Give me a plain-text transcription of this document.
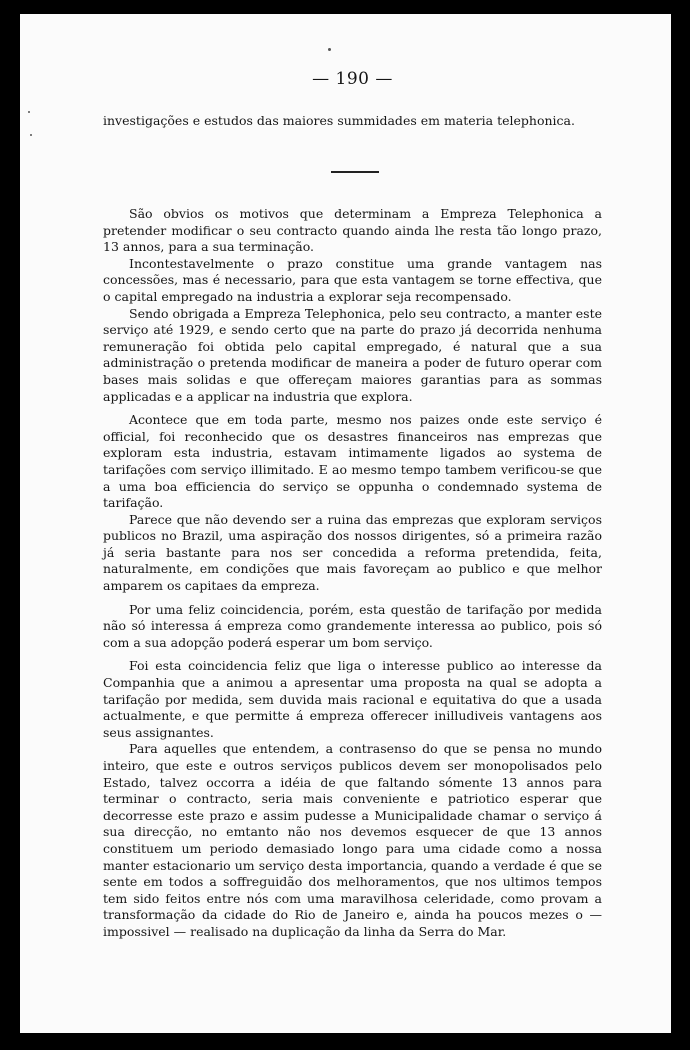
— 190 —

investigações e estudos das maiores summidades em materia telephonica.

São obvios os motivos que determinam a Empreza Telephonica a pretender modificar o seu contracto quando ainda lhe resta tão longo prazo, 13 annos, para a sua terminação.

Incontestavelmente o prazo constitue uma grande vantagem nas concessões, mas é necessario, para que esta vantagem se torne effectiva, que o capital empregado na industria a explorar seja recompensado.

Sendo obrigada a Empreza Telephonica, pelo seu contracto, a manter este serviço até 1929, e sendo certo que na parte do prazo já decorrida nenhuma remuneração foi obtida pelo capital empregado, é natural que a sua administração o pretenda modificar de maneira a poder de futuro operar com bases mais solidas e que offereçam maiores garantias para as sommas applicadas e a applicar na industria que explora.

Acontece que em toda parte, mesmo nos paizes onde este serviço é official, foi reconhecido que os desastres financeiros nas emprezas que exploram esta industria, estavam intimamente ligados ao systema de tarifações com serviço illimitado. E ao mesmo tempo tambem verificou-se que a uma boa efficiencia do serviço se oppunha o condemnado systema de tarifação.

Parece que não devendo ser a ruina das emprezas que exploram serviços publicos no Brazil, uma aspiração dos nossos dirigentes, só a primeira razão já seria bastante para nos ser concedida a reforma pretendida, feita, naturalmente, em condições que mais favoreçam ao publico e que melhor amparem os capitaes da empreza.

Por uma feliz coincidencia, porém, esta questão de tarifação por medida não só interessa á empreza como grandemente interessa ao publico, pois só com a sua adopção poderá esperar um bom serviço.

Foi esta coincidencia feliz que liga o interesse publico ao interesse da Companhia que a animou a apresentar uma proposta na qual se adopta a tarifação por medida, sem duvida mais racional e equitativa do que a usada actualmente, e que permitte á empreza offerecer inilludiveis vantagens aos seus assignantes.

Para aquelles que entendem, a contrasenso do que se pensa no mundo inteiro, que este e outros serviços publicos devem ser monopolisados pelo Estado, talvez occorra a idéia de que faltando sómente 13 annos para terminar o contracto, seria mais conveniente e patriotico esperar que decorresse este prazo e assim pudesse a Municipalidade chamar o serviço á sua direcção, no emtanto não nos devemos esquecer de que 13 annos constituem um periodo demasiado longo para uma cidade como a nossa manter estacionario um serviço desta importancia, quando a verdade é que se sente em todos a soffreguidão dos melhoramentos, que nos ultimos tempos tem sido feitos entre nós com uma maravilhosa celeridade, como provam a transformação da cidade do Rio de Janeiro e, ainda ha poucos mezes o — impossivel — realisado na duplicação da linha da Serra do Mar.
